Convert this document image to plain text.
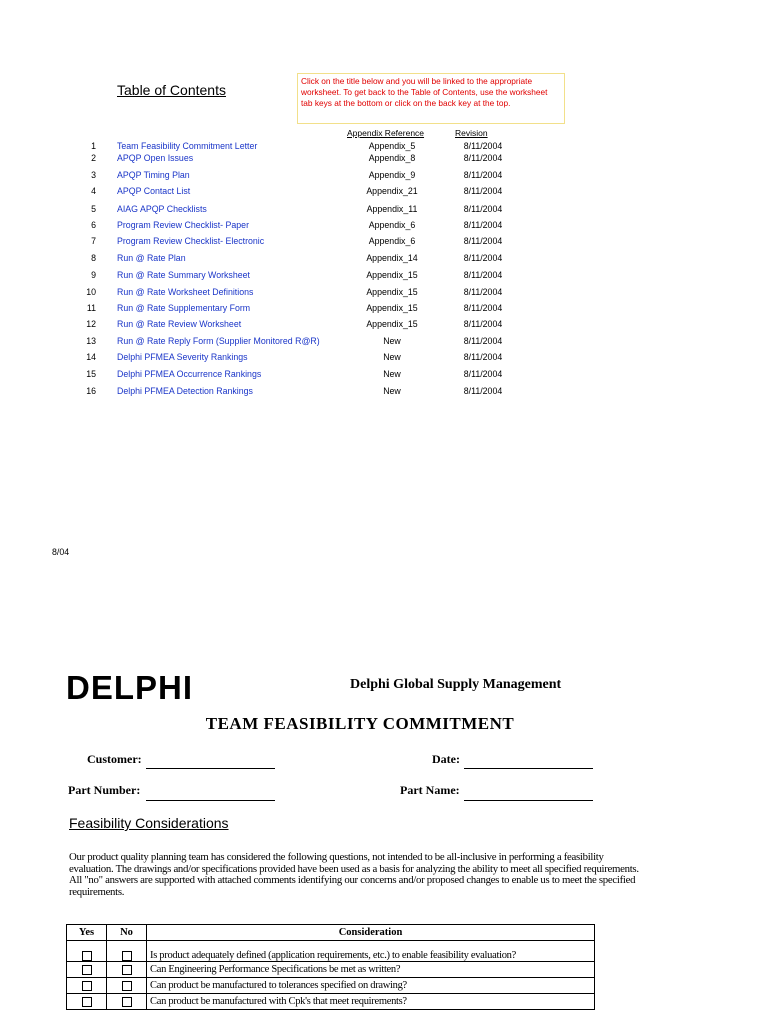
Table of Contents
Click on the title below and you will be linked to the appropriate worksheet. To get back to the Table of Contents, use the worksheet tab keys at the bottom or click on the back key at the top.
Appendix Reference	Revision
1 Team Feasibility Commitment Letter	Appendix_5	8/11/2004
2 APQP Open Issues	Appendix_8	8/11/2004
3 APQP Timing Plan	Appendix_9	8/11/2004
4 APQP Contact List	Appendix_21	8/11/2004
5 AIAG APQP Checklists	Appendix_11	8/11/2004
6 Program Review Checklist- Paper	Appendix_6	8/11/2004
7 Program Review Checklist- Electronic	Appendix_6	8/11/2004
8 Run @ Rate Plan	Appendix_14	8/11/2004
9 Run @ Rate Summary Worksheet	Appendix_15	8/11/2004
10 Run @ Rate Worksheet Definitions	Appendix_15	8/11/2004
11 Run @ Rate Supplementary Form	Appendix_15	8/11/2004
12 Run @ Rate Review Worksheet	Appendix_15	8/11/2004
13 Run @ Rate Reply Form (Supplier Monitored R@R)	New	8/11/2004
14 Delphi PFMEA Severity Rankings	New	8/11/2004
15 Delphi PFMEA Occurrence Rankings	New	8/11/2004
16 Delphi PFMEA Detection Rankings	New	8/11/2004
8/04
DELPHI	Delphi Global Supply Management
TEAM FEASIBILITY COMMITMENT
Customer:	Date:
Part Number:	Part Name:
Feasibility Considerations
Our product quality planning team has considered the following questions, not intended to be all-inclusive in performing a feasibility evaluation. The drawings and/or specifications provided have been used as a basis for analyzing the ability to meet all specified requirements. All "no" answers are supported with attached comments identifying our concerns and/or proposed changes to enable us to meet the specified requirements.
Yes	No	Consideration
		Is product adequately defined (application requirements, etc.) to enable feasibility evaluation?
		Can Engineering Performance Specifications be met as written?
		Can product be manufactured to tolerances specified on drawing?
		Can product be manufactured with Cpk's that meet requirements?
